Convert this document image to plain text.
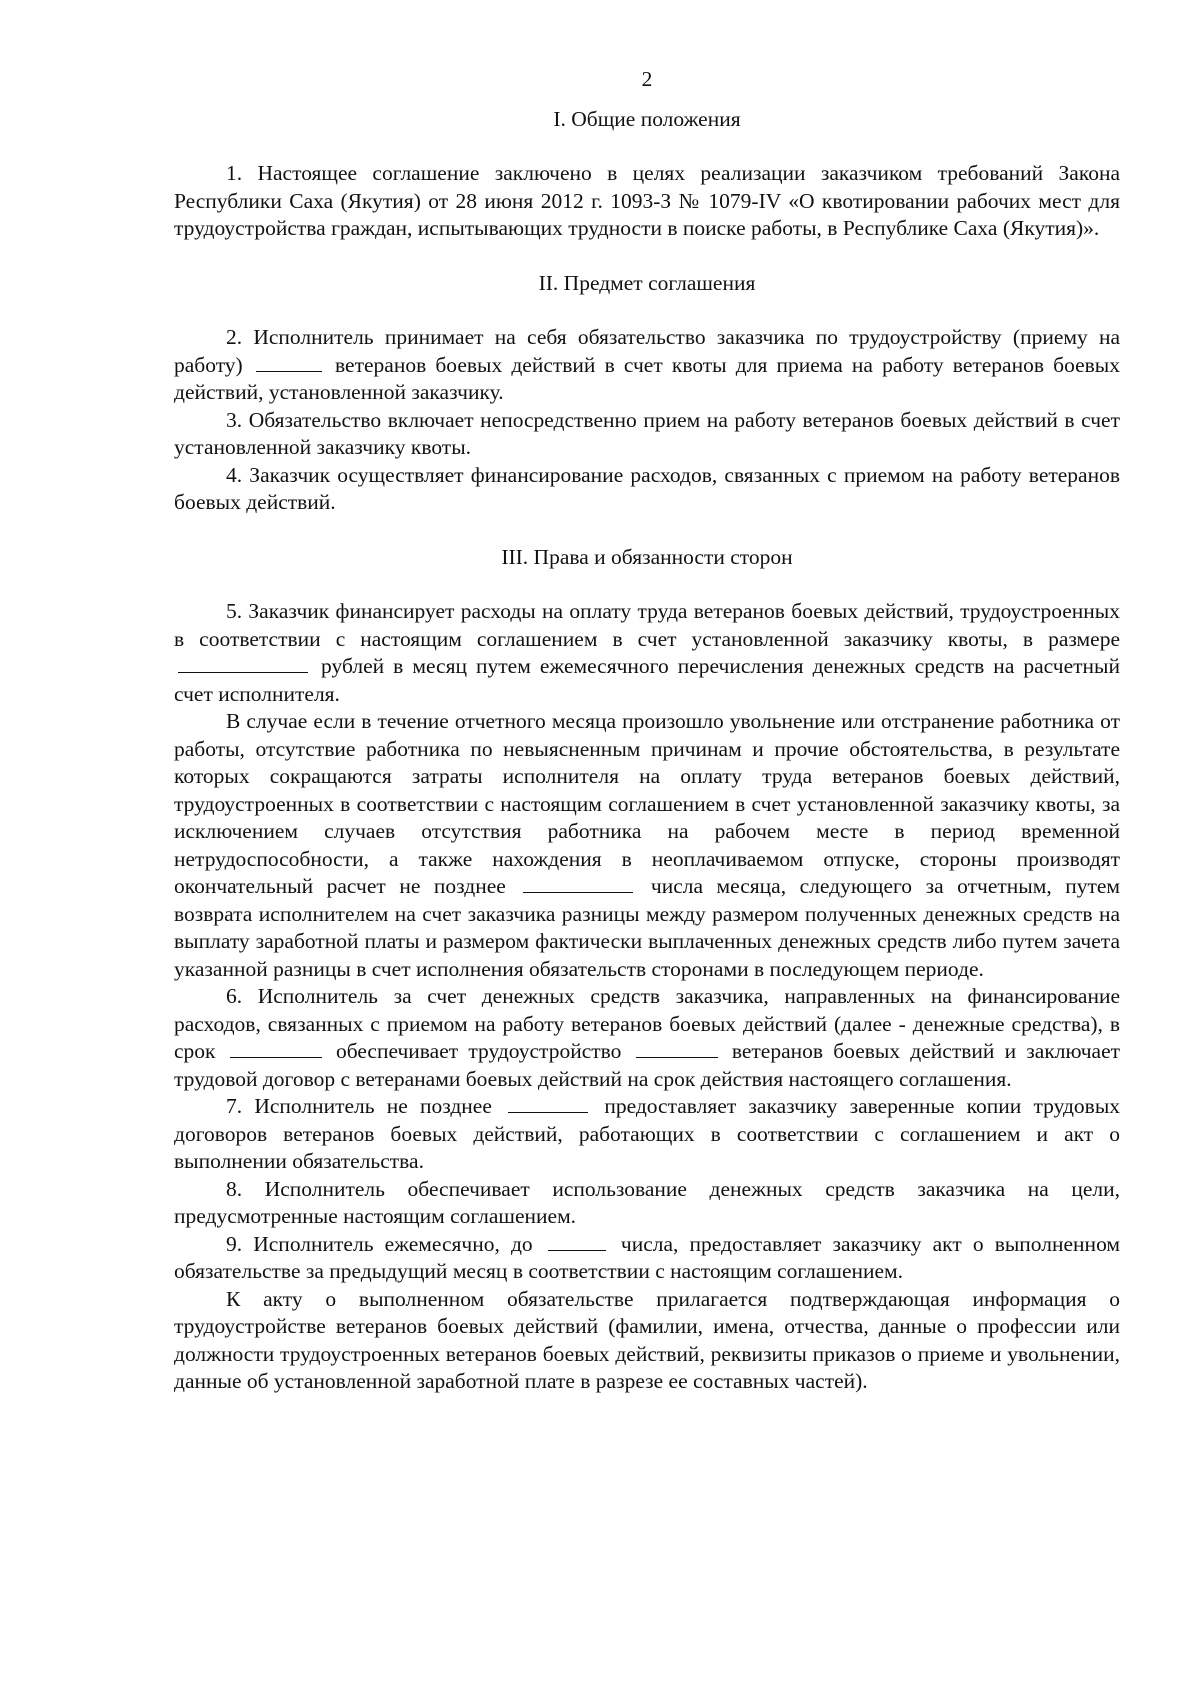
2
I. Общие положения

1. Настоящее соглашение заключено в целях реализации заказчиком требований Закона Республики Саха (Якутия) от 28 июня 2012 г. 1093-З № 1079-IV «О квотировании рабочих мест для трудоустройства граждан, испытывающих трудности в поиске работы, в Республике Саха (Якутия)».

II. Предмет соглашения

2. Исполнитель принимает на себя обязательство заказчика по трудоустройству (приему на работу)	ветеранов боевых действий в счет квоты для приема на работу ветеранов боевых действий, установленной заказчику.

3. Обязательство включает непосредственно прием на работу ветеранов боевых действий в счет установленной заказчику квоты.

4. Заказчик осуществляет финансирование расходов, связанных с приемом на работу ветеранов боевых действий.

III. Права и обязанности сторон

5. Заказчик финансирует расходы на оплату труда ветеранов боевых действий, трудоустроенных в соответствии с настоящим соглашением в счет установленной заказчику квоты, в размере  рублей в месяц путем ежемесячного перечисления денежных средств на расчетный счет исполнителя.

В случае если в течение отчетного месяца произошло увольнение или отстранение работника от работы, отсутствие работника по невыясненным причинам и прочие обстоятельства, в результате которых сокращаются затраты исполнителя на оплату труда ветеранов боевых действий, трудоустроенных в соответствии с настоящим соглашением в счет установленной заказчику квоты, за исключением случаев отсутствия работника на рабочем месте в период временной нетрудоспособности, а также нахождения в неоплачиваемом отпуске, стороны производят окончательный расчет не позднее	числа месяца, следующего за отчетным, путем возврата исполнителем на счет заказчика разницы между размером полученных денежных средств на выплату заработной платы и размером фактически выплаченных денежных средств либо путем зачета указанной разницы в счет исполнения обязательств сторонами в последующем периоде.

6. Исполнитель за счет денежных средств заказчика, направленных на финансирование расходов, связанных с приемом на работу ветеранов боевых действий (далее - денежные средства), в срок	обеспечивает трудоустройство	ветеранов боевых действий и заключает трудовой договор с ветеранами боевых действий на срок действия настоящего соглашения.

7. Исполнитель не позднее	предоставляет заказчику заверенные копии трудовых договоров ветеранов боевых действий, работающих в соответствии с соглашением и акт о выполнении обязательства.

8. Исполнитель обеспечивает использование денежных средств заказчика на цели, предусмотренные настоящим соглашением.

9. Исполнитель ежемесячно, до	числа, предоставляет заказчику акт о выполненном обязательстве за предыдущий месяц в соответствии с настоящим соглашением.

К акту о выполненном обязательстве прилагается подтверждающая информация о трудоустройстве ветеранов боевых действий (фамилии, имена, отчества, данные о профессии или должности трудоустроенных ветеранов боевых действий, реквизиты приказов о приеме и увольнении, данные об установленной заработной плате в разрезе ее составных частей).
